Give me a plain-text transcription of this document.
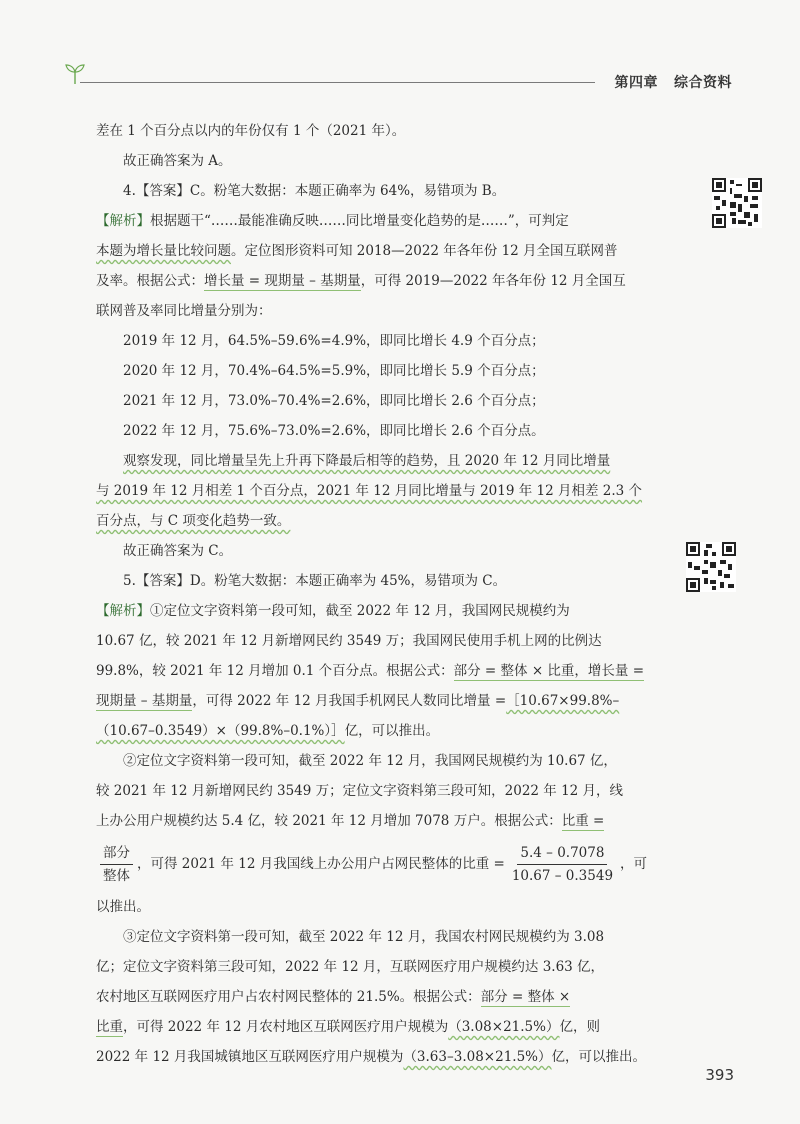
第四章 综合资料
差在 1 个百分点以内的年份仅有 1 个（2021 年）。
故正确答案为 A。
4.【答案】C。粉笔大数据：本题正确率为 64%，易错项为 B。
【解析】根据题干“……最能准确反映……同比增量变化趋势的是……”，可判定
本题为增长量比较问题。定位图形资料可知 2018—2022 年各年份 12 月全国互联网普
及率。根据公式：增长量 = 现期量 – 基期量，可得 2019—2022 年各年份 12 月全国互
联网普及率同比增量分别为：
2019 年 12 月，64.5%–59.6%=4.9%，即同比增长 4.9 个百分点；
2020 年 12 月，70.4%–64.5%=5.9%，即同比增长 5.9 个百分点；
2021 年 12 月，73.0%–70.4%=2.6%，即同比增长 2.6 个百分点；
2022 年 12 月，75.6%–73.0%=2.6%，即同比增长 2.6 个百分点。
观察发现，同比增量呈先上升再下降最后相等的趋势，且 2020 年 12 月同比增量
与 2019 年 12 月相差 1 个百分点，2021 年 12 月同比增量与 2019 年 12 月相差 2.3 个
百分点，与 C 项变化趋势一致。
故正确答案为 C。
5.【答案】D。粉笔大数据：本题正确率为 45%，易错项为 C。
【解析】①定位文字资料第一段可知，截至 2022 年 12 月，我国网民规模约为
10.67 亿，较 2021 年 12 月新增网民约 3549 万；我国网民使用手机上网的比例达
99.8%，较 2021 年 12 月增加 0.1 个百分点。根据公式：部分 = 整体 × 比重，增长量 =
现期量 – 基期量，可得 2022 年 12 月我国手机网民人数同比增量 =［10.67×99.8%–
（10.67–0.3549）×（99.8%–0.1%）］亿，可以推出。
②定位文字资料第一段可知，截至 2022 年 12 月，我国网民规模约为 10.67 亿，
较 2021 年 12 月新增网民约 3549 万；定位文字资料第三段可知，2022 年 12 月，线
上办公用户规模约达 5.4 亿，较 2021 年 12 月增加 7078 万户。根据公式：比重 =
$\frac{\text{部分}}{\text{整体}}$ ，可得 2021 年 12 月我国线上办公用户占网民整体的比重 = $\frac{5.4 - 0.7078}{10.67 - 0.3549}$ ，可
以推出。
③定位文字资料第一段可知，截至 2022 年 12 月，我国农村网民规模约为 3.08
亿；定位文字资料第三段可知，2022 年 12 月，互联网医疗用户规模约达 3.63 亿，
农村地区互联网医疗用户占农村网民整体的 21.5%。根据公式：部分 = 整体 ×
比重，可得 2022 年 12 月农村地区互联网医疗用户规模为（3.08×21.5%）亿，则
2022 年 12 月我国城镇地区互联网医疗用户规模为（3.63–3.08×21.5%）亿，可以推出。
393
